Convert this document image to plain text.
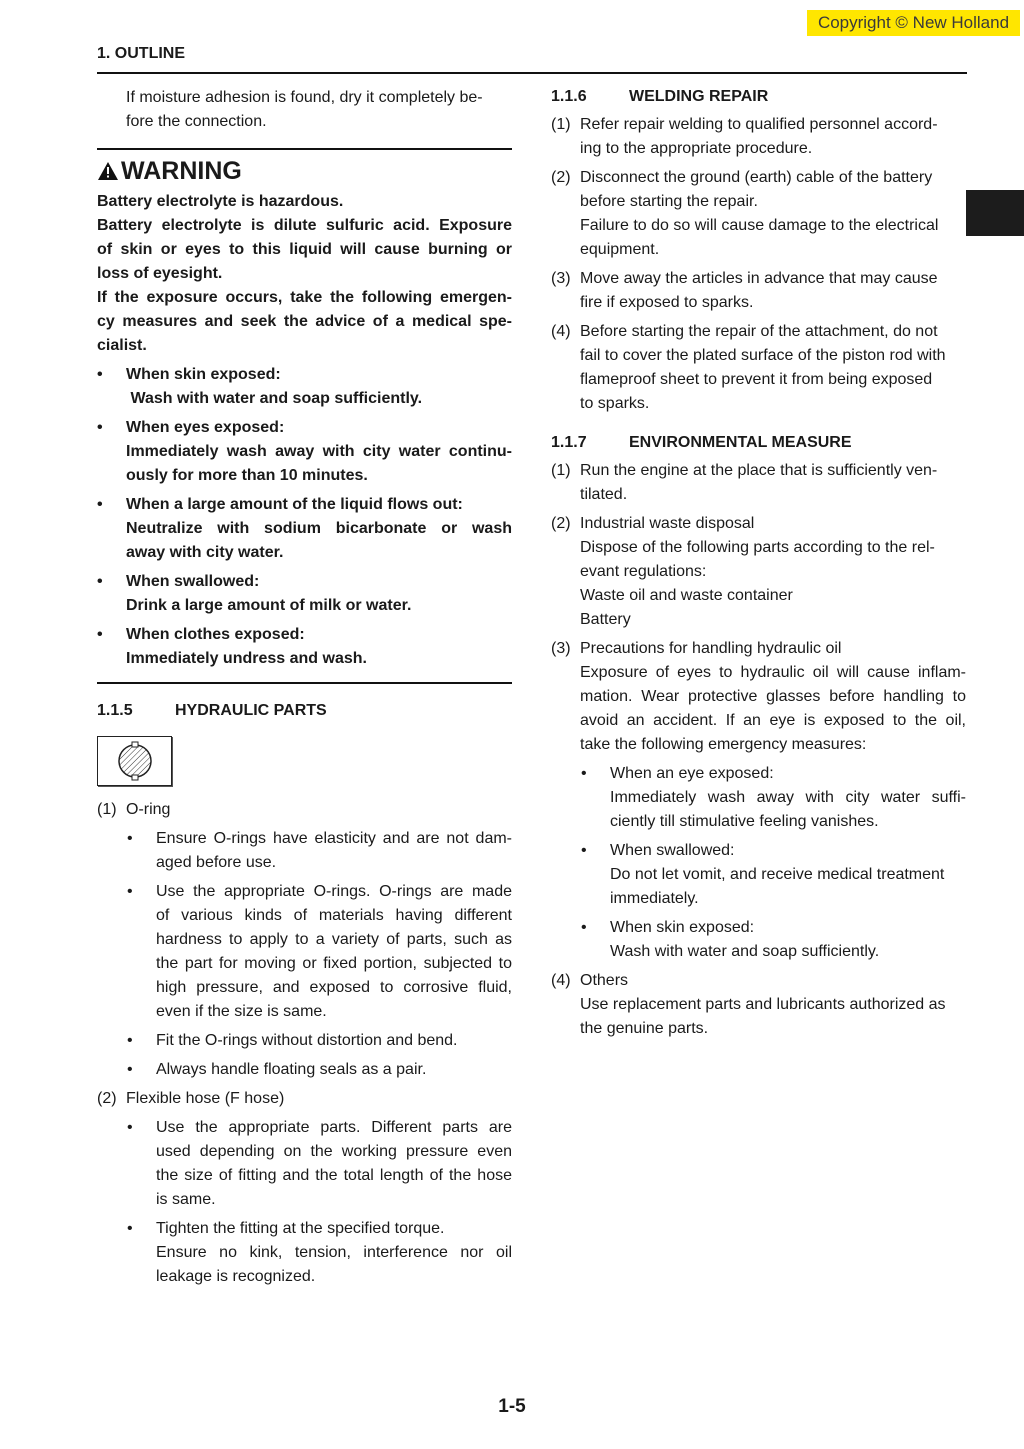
Copyright © New Holland
1. OUTLINE

If moisture adhesion is found, dry it completely be-

fore the connection.

WARNING

Battery electrolyte is hazardous.

Battery electrolyte is dilute sulfuric acid. Exposure

of skin or eyes to this liquid will cause burning or

loss of eyesight.

If the exposure occurs, take the following emergen-

cy measures and seek the advice of a medical spe-

cialist.

•	When skin exposed:

Wash with water and soap sufficiently.

•	When eyes exposed:

Immediately wash away with city water continu-

ously for more than 10 minutes.

•	When a large amount of the liquid flows out:

Neutralize with sodium bicarbonate or wash

away with city water.

•	When swallowed:

Drink a large amount of milk or water.

•	When clothes exposed:

Immediately undress and wash.

1.1.5	HYDRAULIC PARTS
(1) O-ring
•	Ensure O-rings have elasticity and are not dam-

aged before use.

•	Use the appropriate O-rings. O-rings are made

of various kinds of materials having different

hardness to apply to a variety of parts, such as

the part for moving or fixed portion, subjected to

high pressure, and exposed to corrosive fluid,

even if the size is same.

•	Fit the O-rings without distortion and bend.

•	Always handle floating seals as a pair.

(2) Flexible hose (F hose)
•	Use the appropriate parts. Different parts are

used depending on the working pressure even

the size of fitting and the total length of the hose

is same.

•	Tighten the fitting at the specified torque.

Ensure no kink, tension, interference nor oil

leakage is recognized.

1.1.6	WELDING REPAIR
(1) Refer repair welding to qualified personnel accord-

ing to the appropriate procedure.

(2) Disconnect the ground (earth) cable of the battery

before starting the repair.

Failure to do so will cause damage to the electrical

equipment.

(3) Move away the articles in advance that may cause

fire if exposed to sparks.

(4) Before starting the repair of the attachment, do not

fail to cover the plated surface of the piston rod with

flameproof sheet to prevent it from being exposed

to sparks.

1.1.7	ENVIRONMENTAL MEASURE
(1) Run the engine at the place that is sufficiently ven-

tilated.

(2) Industrial waste disposal

Dispose of the following parts according to the rel-

evant regulations:

Waste oil and waste container

Battery

(3) Precautions for handling hydraulic oil

Exposure of eyes to hydraulic oil will cause inflam-

mation. Wear protective glasses before handling to

avoid an accident. If an eye is exposed to the oil,

take the following emergency measures:

•	When an eye exposed:

Immediately wash away with city water suffi-

ciently till stimulative feeling vanishes.

•	When swallowed:

Do not let vomit, and receive medical treatment

immediately.

•	When skin exposed:

Wash with water and soap sufficiently.

(4) Others

Use replacement parts and lubricants authorized as

the genuine parts.

1-5
